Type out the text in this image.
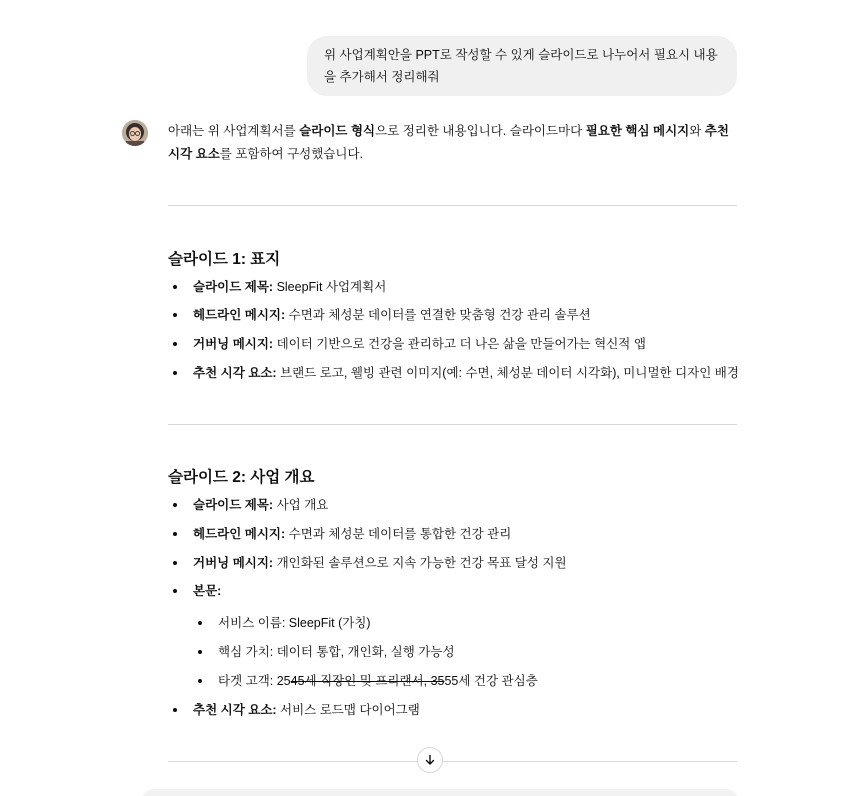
위 사업계획안을 PPT로 작성할 수 있게 슬라이드로 나누어서 필요시 내용을 추가해서 정리해줘

아래는 위 사업계획서를 슬라이드 형식으로 정리한 내용입니다. 슬라이드마다 필요한 핵심 메시지와 추천 시각 요소를 포함하여 구성했습니다.

슬라이드 1: 표지
슬라이드 제목: SleepFit 사업계획서
헤드라인 메시지: 수면과 체성분 데이터를 연결한 맞춤형 건강 관리 솔루션
거버닝 메시지: 데이터 기반으로 건강을 관리하고 더 나은 삶을 만들어가는 혁신적 앱
추천 시각 요소: 브랜드 로고, 웰빙 관련 이미지(예: 수면, 체성분 데이터 시각화), 미니멀한 디자인 배경
슬라이드 2: 사업 개요
슬라이드 제목: 사업 개요
헤드라인 메시지: 수면과 체성분 데이터를 통합한 건강 관리
거버닝 메시지: 개인화된 솔루션으로 지속 가능한 건강 목표 달성 지원
본문:
서비스 이름: SleepFit (가칭)
핵심 가치: 데이터 통합, 개인화, 실행 가능성
타겟 고객: 2545세 직장인 및 프리랜서, 3555세 건강 관심층
추천 시각 요소: 서비스 로드맵 다이어그램
